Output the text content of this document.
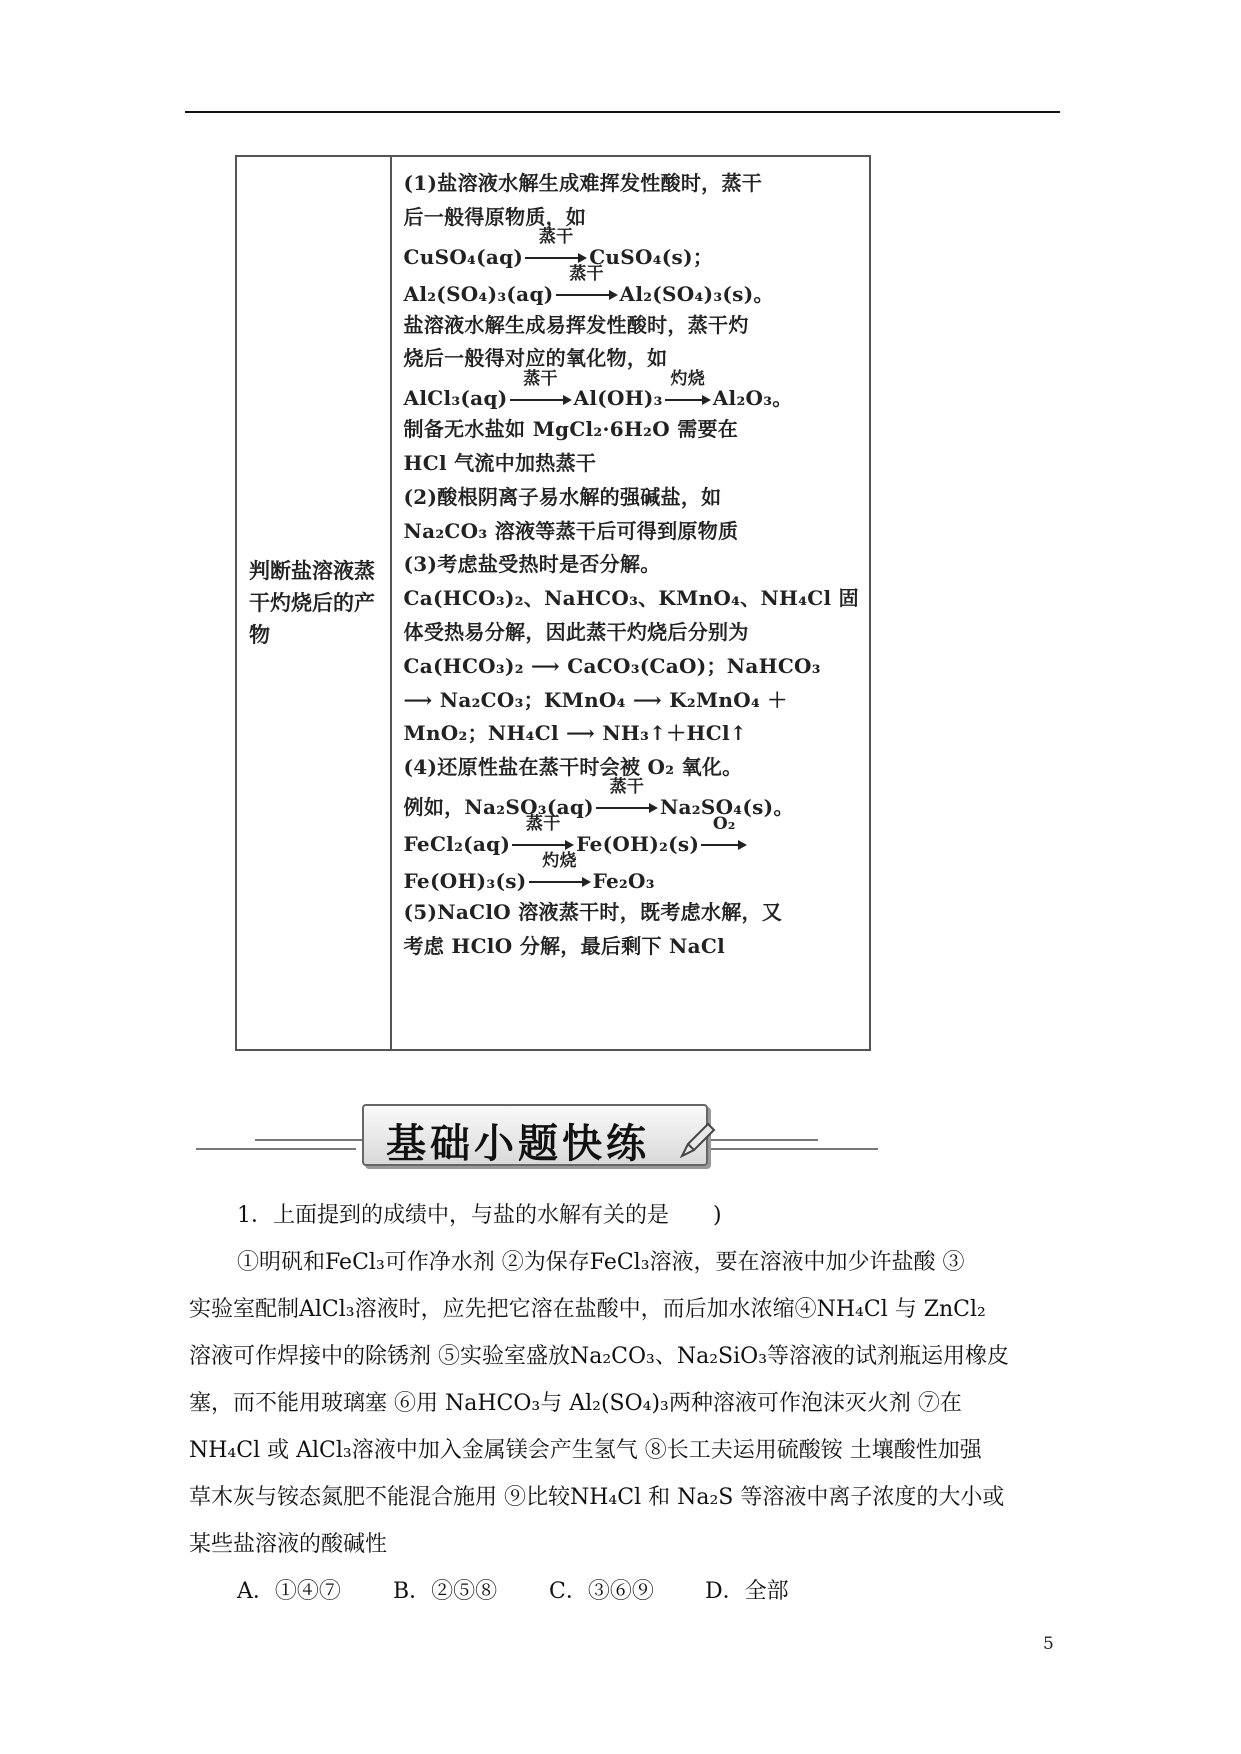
判断盐溶液蒸干灼烧后的产物
(1)盐溶液水解生成难挥发性酸时，蒸干
后一般得原物质，如
CuSO₄(aq)
蒸干
CuSO₄(s)；
Al₂(SO₄)₃(aq)
蒸干
Al₂(SO₄)₃(s)。
盐溶液水解生成易挥发性酸时，蒸干灼
烧后一般得对应的氧化物，如
AlCl₃(aq)
蒸干
Al(OH)₃
灼烧
Al₂O₃。
制备无水盐如 MgCl₂·6H₂O 需要在
HCl 气流中加热蒸干
(2)酸根阴离子易水解的强碱盐，如
Na₂CO₃ 溶液等蒸干后可得到原物质
(3)考虑盐受热时是否分解。
Ca(HCO₃)₂、NaHCO₃、KMnO₄、NH₄Cl 固
体受热易分解，因此蒸干灼烧后分别为
Ca(HCO₃)₂ ⟶ CaCO₃(CaO)；NaHCO₃
⟶ Na₂CO₃；KMnO₄ ⟶ K₂MnO₄ ＋
MnO₂；NH₄Cl ⟶ NH₃↑＋HCl↑
(4)还原性盐在蒸干时会被 O₂ 氧化。
例如，Na₂SO₃(aq)
蒸干
Na₂SO₄(s)。
FeCl₂(aq)
蒸干
Fe(OH)₂(s)
O₂
Fe(OH)₃(s)
灼烧
Fe₂O₃
(5)NaClO 溶液蒸干时，既考虑水解，又
考虑 HClO 分解，最后剩下 NaCl
基础小题快练
1．上面提到的成绩中，与盐的水解有关的是　　)
①明矾和FeCl₃可作净水剂 ②为保存FeCl₃溶液，要在溶液中加少许盐酸 ③
实验室配制AlCl₃溶液时，应先把它溶在盐酸中，而后加水浓缩④NH₄Cl 与 ZnCl₂
溶液可作焊接中的除锈剂 ⑤实验室盛放Na₂CO₃、Na₂SiO₃等溶液的试剂瓶运用橡皮
塞，而不能用玻璃塞 ⑥用 NaHCO₃与 Al₂(SO₄)₃两种溶液可作泡沫灭火剂 ⑦在
NH₄Cl 或 AlCl₃溶液中加入金属镁会产生氢气 ⑧长工夫运用硫酸铵 土壤酸性加强
草木灰与铵态氮肥不能混合施用 ⑨比较NH₄Cl 和 Na₂S 等溶液中离子浓度的大小或
某些盐溶液的酸碱性
A．①④⑦	B．②⑤⑧	C．③⑥⑨	D．全部
5
